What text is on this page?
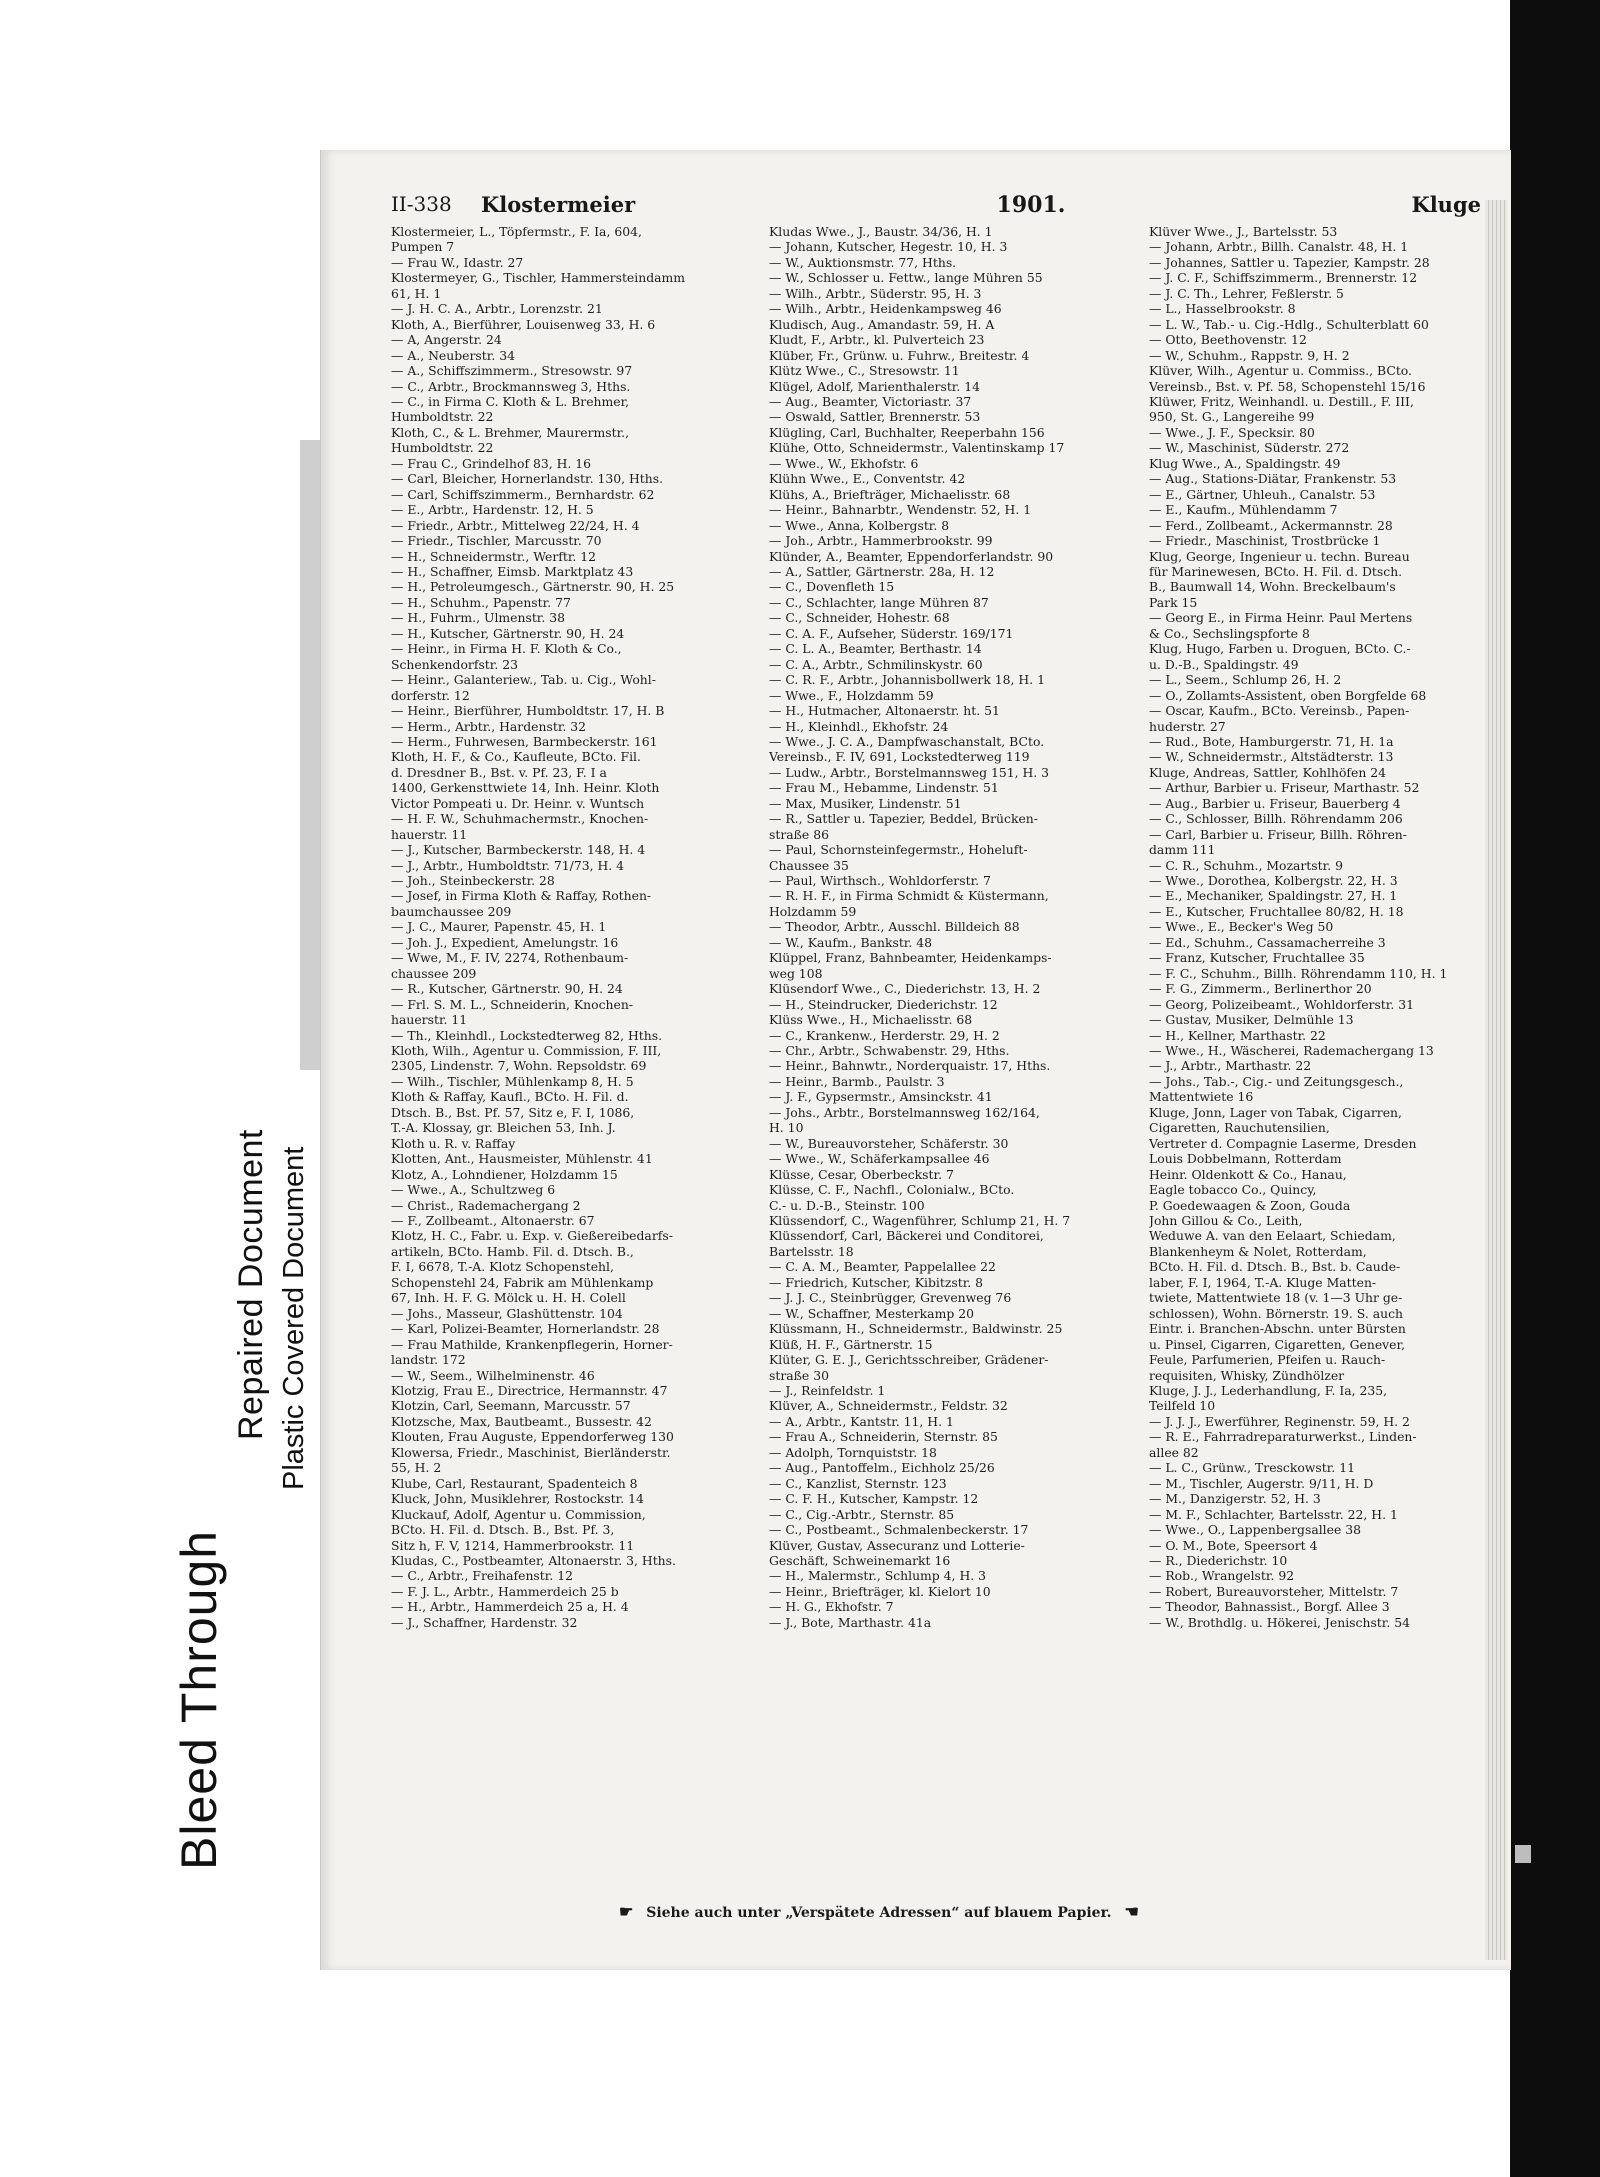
Bleed Through
Repaired Document Plastic Covered Document
II-338 Klostermeier	1901.	Kluge
Klostermeier, L., Töpfermstr., F. Ia, 604,
Pumpen 7
— Frau W., Idastr. 27
Klostermeyer, G., Tischler, Hammersteindamm
61, H. 1
— J. H. C. A., Arbtr., Lorenzstr. 21
Kloth, A., Bierführer, Louisenweg 33, H. 6
— A, Angerstr. 24
— A., Neuberstr. 34
— A., Schiffszimmerm., Stresowstr. 97
— C., Arbtr., Brockmannsweg 3, Hths.
— C., in Firma C. Kloth & L. Brehmer,
Humboldtstr. 22
Kloth, C., & L. Brehmer, Maurermstr.,
Humboldtstr. 22
— Frau C., Grindelhof 83, H. 16
— Carl, Bleicher, Hornerlandstr. 130, Hths.
— Carl, Schiffszimmerm., Bernhardstr. 62
— E., Arbtr., Hardenstr. 12, H. 5
— Friedr., Arbtr., Mittelweg 22/24, H. 4
— Friedr., Tischler, Marcusstr. 70
— H., Schneidermstr., Werftr. 12
— H., Schaffner, Eimsb. Marktplatz 43
— H., Petroleumgesch., Gärtnerstr. 90, H. 25
— H., Schuhm., Papenstr. 77
— H., Fuhrm., Ulmenstr. 38
— H., Kutscher, Gärtnerstr. 90, H. 24
— Heinr., in Firma H. F. Kloth & Co.,
Schenkendorfstr. 23
— Heinr., Galanteriew., Tab. u. Cig., Wohl-
dorferstr. 12
— Heinr., Bierführer, Humboldtstr. 17, H. B
— Herm., Arbtr., Hardenstr. 32
— Herm., Fuhrwesen, Barmbeckerstr. 161
Kloth, H. F., & Co., Kaufleute, BCto. Fil.
d. Dresdner B., Bst. v. Pf. 23, F. I a
1400, Gerkensttwiete 14, Inh. Heinr. Kloth
Victor Pompeati u. Dr. Heinr. v. Wuntsch
— H. F. W., Schuhmachermstr., Knochen-
hauerstr. 11
— J., Kutscher, Barmbeckerstr. 148, H. 4
— J., Arbtr., Humboldtstr. 71/73, H. 4
— Joh., Steinbeckerstr. 28
— Josef, in Firma Kloth & Raffay, Rothen-
baumchaussee 209
— J. C., Maurer, Papenstr. 45, H. 1
— Joh. J., Expedient, Amelungstr. 16
— Wwe, M., F. IV, 2274, Rothenbaum-
chaussee 209
— R., Kutscher, Gärtnerstr. 90, H. 24
— Frl. S. M. L., Schneiderin, Knochen-
hauerstr. 11
— Th., Kleinhdl., Lockstedterweg 82, Hths.
Kloth, Wilh., Agentur u. Commission, F. III,
2305, Lindenstr. 7, Wohn. Repsoldstr. 69
— Wilh., Tischler, Mühlenkamp 8, H. 5
Kloth & Raffay, Kaufl., BCto. H. Fil. d.
Dtsch. B., Bst. Pf. 57, Sitz e, F. I, 1086,
T.-A. Klossay, gr. Bleichen 53, Inh. J.
Kloth u. R. v. Raffay
Klotten, Ant., Hausmeister, Mühlenstr. 41
Klotz, A., Lohndiener, Holzdamm 15
— Wwe., A., Schultzweg 6
— Christ., Rademachergang 2
— F., Zollbeamt., Altonaerstr. 67
Klotz, H. C., Fabr. u. Exp. v. Gießereibedarfs-
artikeln, BCto. Hamb. Fil. d. Dtsch. B.,
F. I, 6678, T.-A. Klotz Schopenstehl,
Schopenstehl 24, Fabrik am Mühlenkamp
67, Inh. H. F. G. Mölck u. H. H. Colell
— Johs., Masseur, Glashüttenstr. 104
— Karl, Polizei-Beamter, Hornerlandstr. 28
— Frau Mathilde, Krankenpflegerin, Horner-
landstr. 172
— W., Seem., Wilhelminenstr. 46
Klotzig, Frau E., Directrice, Hermannstr. 47
Klotzin, Carl, Seemann, Marcusstr. 57
Klotzsche, Max, Bautbeamt., Bussestr. 42
Klouten, Frau Auguste, Eppendorferweg 130
Klowersa, Friedr., Maschinist, Bierländerstr.
55, H. 2
Klube, Carl, Restaurant, Spadenteich 8
Kluck, John, Musiklehrer, Rostockstr. 14
Kluckauf, Adolf, Agentur u. Commission,
BCto. H. Fil. d. Dtsch. B., Bst. Pf. 3,
Sitz h, F. V, 1214, Hammerbrookstr. 11
Kludas, C., Postbeamter, Altonaerstr. 3, Hths.
— C., Arbtr., Freihafenstr. 12
— F. J. L., Arbtr., Hammerdeich 25 b
— H., Arbtr., Hammerdeich 25 a, H. 4
— J., Schaffner, Hardenstr. 32
Kludas Wwe., J., Baustr. 34/36, H. 1
— Johann, Kutscher, Hegestr. 10, H. 3
— W., Auktionsmstr. 77, Hths.
— W., Schlosser u. Fettw., lange Mühren 55
— Wilh., Arbtr., Süderstr. 95, H. 3
— Wilh., Arbtr., Heidenkampsweg 46
Kludisch, Aug., Amandastr. 59, H. A
Kludt, F., Arbtr., kl. Pulverteich 23
Klüber, Fr., Grünw. u. Fuhrw., Breitestr. 4
Klütz Wwe., C., Stresowstr. 11
Klügel, Adolf, Marienthalerstr. 14
— Aug., Beamter, Victoriastr. 37
— Oswald, Sattler, Brennerstr. 53
Klügling, Carl, Buchhalter, Reeperbahn 156
Klühe, Otto, Schneidermstr., Valentinskamp 17
— Wwe., W., Ekhofstr. 6
Klühn Wwe., E., Conventstr. 42
Klühs, A., Briefträger, Michaelisstr. 68
— Heinr., Bahnarbtr., Wendenstr. 52, H. 1
— Wwe., Anna, Kolbergstr. 8
— Joh., Arbtr., Hammerbrookstr. 99
Klünder, A., Beamter, Eppendorferlandstr. 90
— A., Sattler, Gärtnerstr. 28a, H. 12
— C., Dovenfleth 15
— C., Schlachter, lange Mühren 87
— C., Schneider, Hohestr. 68
— C. A. F., Aufseher, Süderstr. 169/171
— C. L. A., Beamter, Berthastr. 14
— C. A., Arbtr., Schmilinskystr. 60
— C. R. F., Arbtr., Johannisbollwerk 18, H. 1
— Wwe., F., Holzdamm 59
— H., Hutmacher, Altonaerstr. ht. 51
— H., Kleinhdl., Ekhofstr. 24
— Wwe., J. C. A., Dampfwaschanstalt, BCto.
Vereinsb., F. IV, 691, Lockstedterweg 119
— Ludw., Arbtr., Borstelmannsweg 151, H. 3
— Frau M., Hebamme, Lindenstr. 51
— Max, Musiker, Lindenstr. 51
— R., Sattler u. Tapezier, Beddel, Brücken-
straße 86
— Paul, Schornsteinfegermstr., Hoheluft-
Chaussee 35
— Paul, Wirthsch., Wohldorferstr. 7
— R. H. F., in Firma Schmidt & Küstermann,
Holzdamm 59
— Theodor, Arbtr., Ausschl. Billdeich 88
— W., Kaufm., Bankstr. 48
Klüppel, Franz, Bahnbeamter, Heidenkamps-
weg 108
Klüsendorf Wwe., C., Diederichstr. 13, H. 2
— H., Steindrucker, Diederichstr. 12
Klüss Wwe., H., Michaelisstr. 68
— C., Krankenw., Herderstr. 29, H. 2
— Chr., Arbtr., Schwabenstr. 29, Hths.
— Heinr., Bahnwtr., Norderquaistr. 17, Hths.
— Heinr., Barmb., Paulstr. 3
— J. F., Gypsermstr., Amsinckstr. 41
— Johs., Arbtr., Borstelmannsweg 162/164,
H. 10
— W., Bureauvorsteher, Schäferstr. 30
— Wwe., W., Schäferkampsallee 46
Klüsse, Cesar, Oberbeckstr. 7
Klüsse, C. F., Nachfl., Colonialw., BCto.
C.- u. D.-B., Steinstr. 100
Klüssendorf, C., Wagenführer, Schlump 21, H. 7
Klüssendorf, Carl, Bäckerei und Conditorei,
Bartelsstr. 18
— C. A. M., Beamter, Pappelallee 22
— Friedrich, Kutscher, Kibitzstr. 8
— J. J. C., Steinbrügger, Grevenweg 76
— W., Schaffner, Mesterkamp 20
Klüssmann, H., Schneidermstr., Baldwinstr. 25
Klüß, H. F., Gärtnerstr. 15
Klüter, G. E. J., Gerichtsschreiber, Grädener-
straße 30
— J., Reinfeldstr. 1
Klüver, A., Schneidermstr., Feldstr. 32
— A., Arbtr., Kantstr. 11, H. 1
— Frau A., Schneiderin, Sternstr. 85
— Adolph, Tornquiststr. 18
— Aug., Pantoffelm., Eichholz 25/26
— C., Kanzlist, Sternstr. 123
— C. F. H., Kutscher, Kampstr. 12
— C., Cig.-Arbtr., Sternstr. 85
— C., Postbeamt., Schmalenbeckerstr. 17
Klüver, Gustav, Assecuranz und Lotterie-
Geschäft, Schweinemarkt 16
— H., Malermstr., Schlump 4, H. 3
— Heinr., Briefträger, kl. Kielort 10
— H. G., Ekhofstr. 7
— J., Bote, Marthastr. 41a
Klüver Wwe., J., Bartelsstr. 53
— Johann, Arbtr., Billh. Canalstr. 48, H. 1
— Johannes, Sattler u. Tapezier, Kampstr. 28
— J. C. F., Schiffszimmerm., Brennerstr. 12
— J. C. Th., Lehrer, Feßlerstr. 5
— L., Hasselbrookstr. 8
— L. W., Tab.- u. Cig.-Hdlg., Schulterblatt 60
— Otto, Beethovenstr. 12
— W., Schuhm., Rappstr. 9, H. 2
Klüver, Wilh., Agentur u. Commiss., BCto.
Vereinsb., Bst. v. Pf. 58, Schopenstehl 15/16
Klüwer, Fritz, Weinhandl. u. Destill., F. III,
950, St. G., Langereihe 99
— Wwe., J. F., Specksir. 80
— W., Maschinist, Süderstr. 272
Klug Wwe., A., Spaldingstr. 49
— Aug., Stations-Diätar, Frankenstr. 53
— E., Gärtner, Uhleuh., Canalstr. 53
— E., Kaufm., Mühlendamm 7
— Ferd., Zollbeamt., Ackermannstr. 28
— Friedr., Maschinist, Trostbrücke 1
Klug, George, Ingenieur u. techn. Bureau
für Marinewesen, BCto. H. Fil. d. Dtsch.
B., Baumwall 14, Wohn. Breckelbaum's
Park 15
— Georg E., in Firma Heinr. Paul Mertens
& Co., Sechslingspforte 8
Klug, Hugo, Farben u. Droguen, BCto. C.-
u. D.-B., Spaldingstr. 49
— L., Seem., Schlump 26, H. 2
— O., Zollamts-Assistent, oben Borgfelde 68
— Oscar, Kaufm., BCto. Vereinsb., Papen-
huderstr. 27
— Rud., Bote, Hamburgerstr. 71, H. 1a
— W., Schneidermstr., Altstädterstr. 13
Kluge, Andreas, Sattler, Kohlhöfen 24
— Arthur, Barbier u. Friseur, Marthastr. 52
— Aug., Barbier u. Friseur, Bauerberg 4
— C., Schlosser, Billh. Röhrendamm 206
— Carl, Barbier u. Friseur, Billh. Röhren-
damm 111
— C. R., Schuhm., Mozartstr. 9
— Wwe., Dorothea, Kolbergstr. 22, H. 3
— E., Mechaniker, Spaldingstr. 27, H. 1
— E., Kutscher, Fruchtallee 80/82, H. 18
— Wwe., E., Becker's Weg 50
— Ed., Schuhm., Cassamacherreihe 3
— Franz, Kutscher, Fruchtallee 35
— F. C., Schuhm., Billh. Röhrendamm 110, H. 1
— F. G., Zimmerm., Berlinerthor 20
— Georg, Polizeibeamt., Wohldorferstr. 31
— Gustav, Musiker, Delmühle 13
— H., Kellner, Marthastr. 22
— Wwe., H., Wäscherei, Rademachergang 13
— J., Arbtr., Marthastr. 22
— Johs., Tab.-, Cig.- und Zeitungsgesch.,
Mattentwiete 16
Kluge, Jonn, Lager von Tabak, Cigarren,
Cigaretten, Rauchutensilien,
Vertreter d. Compagnie Laserme, Dresden
Louis Dobbelmann, Rotterdam
Heinr. Oldenkott & Co., Hanau,
Eagle tobacco Co., Quincy,
P. Goedewaagen & Zoon, Gouda
John Gillou & Co., Leith,
Weduwe A. van den Eelaart, Schiedam,
Blankenheym & Nolet, Rotterdam,
BCto. H. Fil. d. Dtsch. B., Bst. b. Caude-
laber, F. I, 1964, T.-A. Kluge Matten-
twiete, Mattentwiete 18 (v. 1—3 Uhr ge-
schlossen), Wohn. Börnerstr. 19. S. auch
Eintr. i. Branchen-Abschn. unter Bürsten
u. Pinsel, Cigarren, Cigaretten, Genever,
Feule, Parfumerien, Pfeifen u. Rauch-
requisiten, Whisky, Zündhölzer
Kluge, J. J., Lederhandlung, F. Ia, 235,
Teilfeld 10
— J. J. J., Ewerführer, Reginenstr. 59, H. 2
— R. E., Fahrradreparaturwerkst., Linden-
allee 82
— L. C., Grünw., Tresckowstr. 11
— M., Tischler, Augerstr. 9/11, H. D
— M., Danzigerstr. 52, H. 3
— M. F., Schlachter, Bartelsstr. 22, H. 1
— Wwe., O., Lappenbergsallee 38
— O. M., Bote, Speersort 4
— R., Diederichstr. 10
— Rob., Wrangelstr. 92
— Robert, Bureauvorsteher, Mittelstr. 7
— Theodor, Bahnassist., Borgf. Allee 3
— W., Brothdlg. u. Hökerei, Jenischstr. 54
☛ Siehe auch unter „Verspätete Adressen“ auf blauem Papier. ☚
